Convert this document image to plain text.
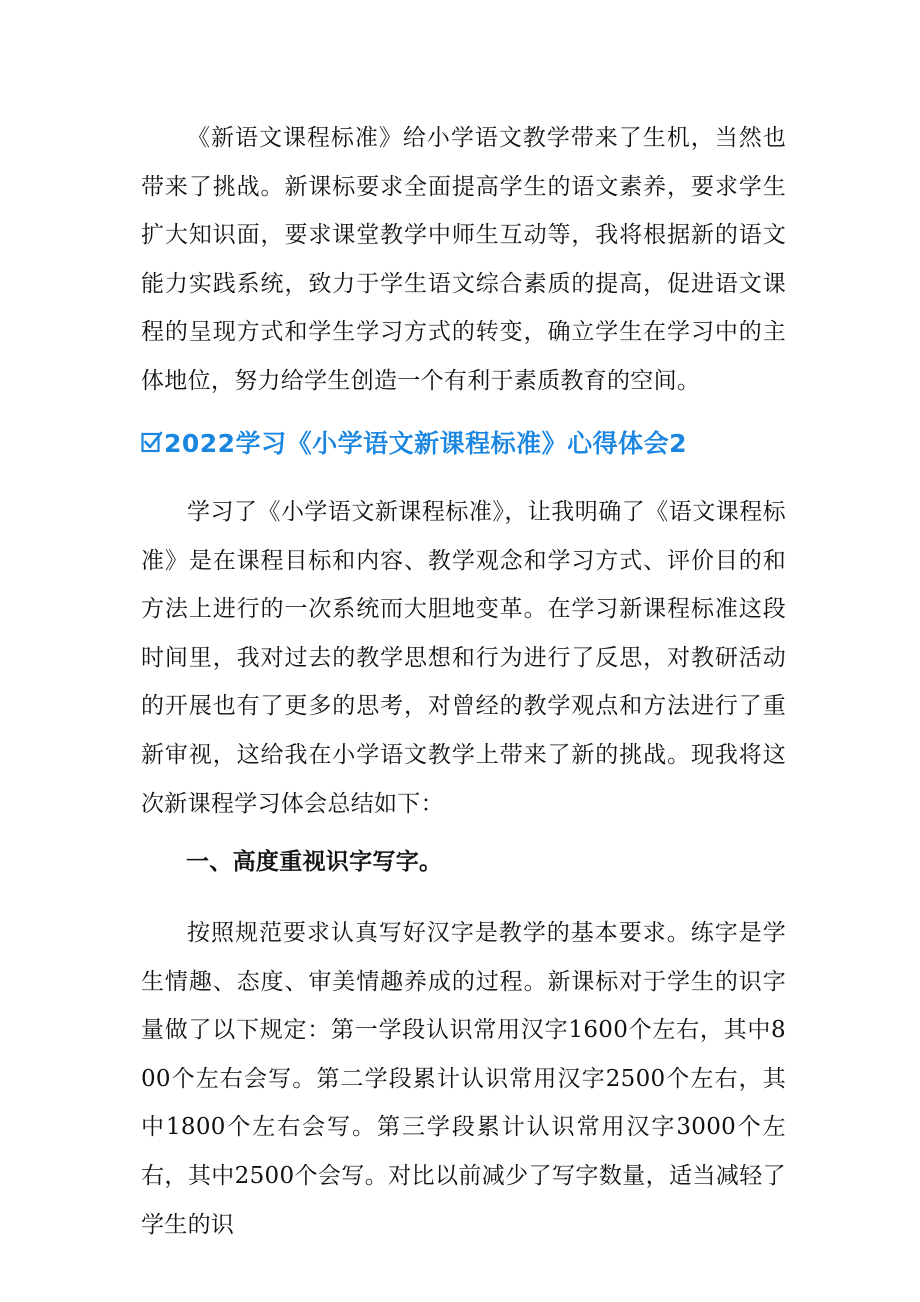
《新语文课程标准》给小学语文教学带来了生机，当然也带来了挑战。新课标要求全面提高学生的语文素养，要求学生扩大知识面，要求课堂教学中师生互动等，我将根据新的语文能力实践系统，致力于学生语文综合素质的提高，促进语文课程的呈现方式和学生学习方式的转变，确立学生在学习中的主体地位，努力给学生创造一个有利于素质教育的空间。

2022学习《小学语文新课程标准》心得体会2

学习了《小学语文新课程标准》，让我明确了《语文课程标准》是在课程目标和内容、教学观念和学习方式、评价目的和方法上进行的一次系统而大胆地变革。在学习新课程标准这段时间里，我对过去的教学思想和行为进行了反思，对教研活动的开展也有了更多的思考，对曾经的教学观点和方法进行了重新审视，这给我在小学语文教学上带来了新的挑战。现我将这次新课程学习体会总结如下：

一、高度重视识字写字。

按照规范要求认真写好汉字是教学的基本要求。练字是学生情趣、态度、审美情趣养成的过程。新课标对于学生的识字量做了以下规定：第一学段认识常用汉字1600个左右，其中800个左右会写。第二学段累计认识常用汉字2500个左右，其中1800个左右会写。第三学段累计认识常用汉字3000个左右，其中2500个会写。对比以前减少了写字数量，适当减轻了学生的识
